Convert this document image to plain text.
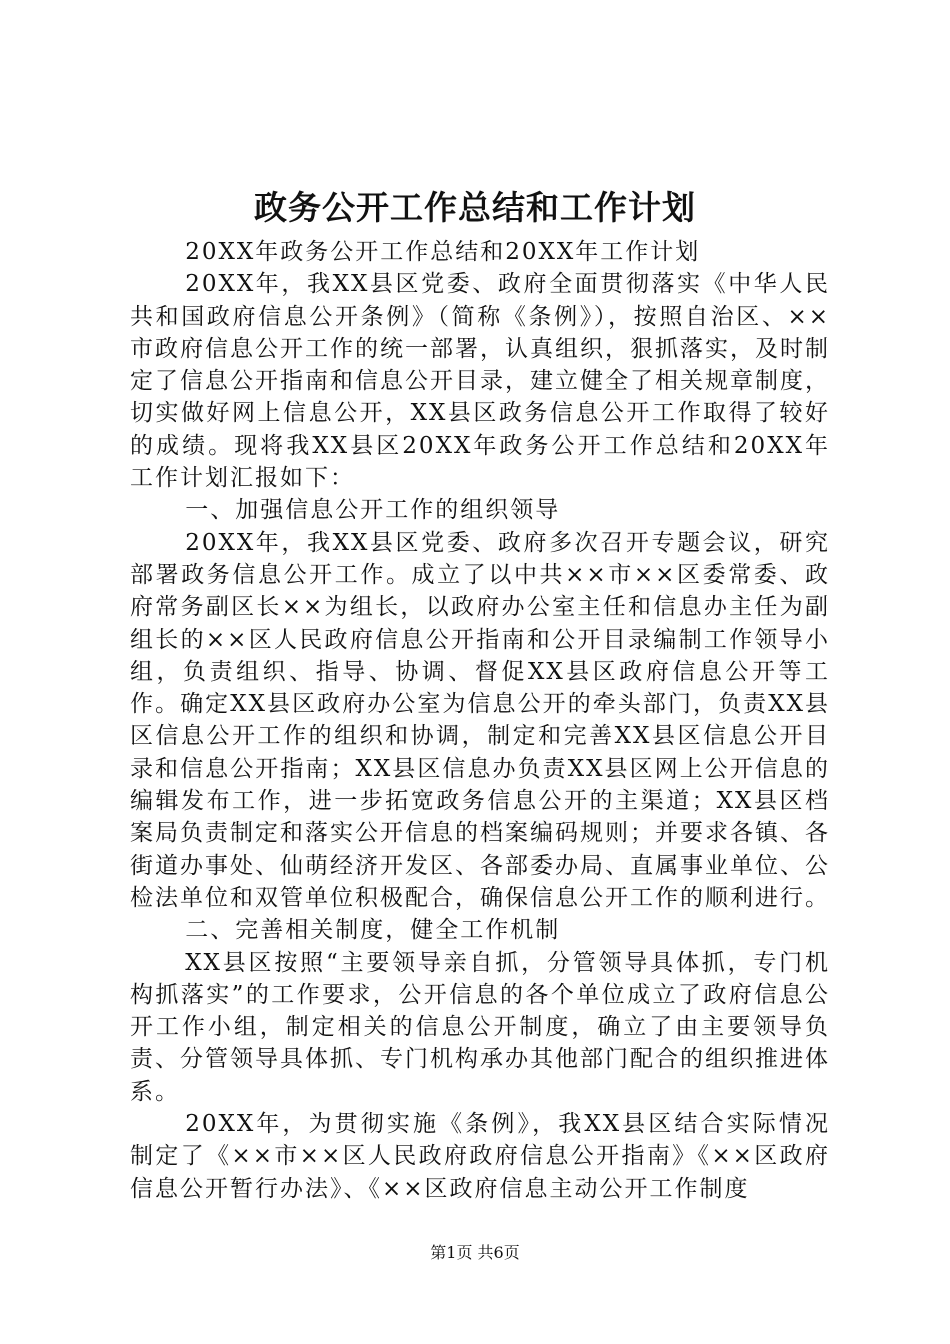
政务公开工作总结和工作计划

20XX年政务公开工作总结和20XX年工作计划

20XX年，我XX县区党委、政府全面贯彻落实《中华人民共和国政府信息公开条例》（简称《条例》），按照自治区、××市政府信息公开工作的统一部署，认真组织，狠抓落实，及时制定了信息公开指南和信息公开目录，建立健全了相关规章制度，切实做好网上信息公开，XX县区政务信息公开工作取得了较好的成绩。现将我XX县区20XX年政务公开工作总结和20XX年工作计划汇报如下：

一、加强信息公开工作的组织领导

20XX年，我XX县区党委、政府多次召开专题会议，研究部署政务信息公开工作。成立了以中共××市××区委常委、政府常务副区长××为组长，以政府办公室主任和信息办主任为副组长的××区人民政府信息公开指南和公开目录编制工作领导小组，负责组织、指导、协调、督促XX县区政府信息公开等工作。确定XX县区政府办公室为信息公开的牵头部门，负责XX县区信息公开工作的组织和协调，制定和完善XX县区信息公开目录和信息公开指南；XX县区信息办负责XX县区网上公开信息的编辑发布工作，进一步拓宽政务信息公开的主渠道；XX县区档案局负责制定和落实公开信息的档案编码规则；并要求各镇、各街道办事处、仙萌经济开发区、各部委办局、直属事业单位、公检法单位和双管单位积极配合，确保信息公开工作的顺利进行。

二、完善相关制度，健全工作机制

XX县区按照“主要领导亲自抓，分管领导具体抓，专门机构抓落实”的工作要求，公开信息的各个单位成立了政府信息公开工作小组，制定相关的信息公开制度，确立了由主要领导负责、分管领导具体抓、专门机构承办其他部门配合的组织推进体系。

20XX年，为贯彻实施《条例》，我XX县区结合实际情况制定了《××市××区人民政府政府信息公开指南》《××区政府信息公开暂行办法》、《××区政府信息主动公开工作制度

第1页 共6页
